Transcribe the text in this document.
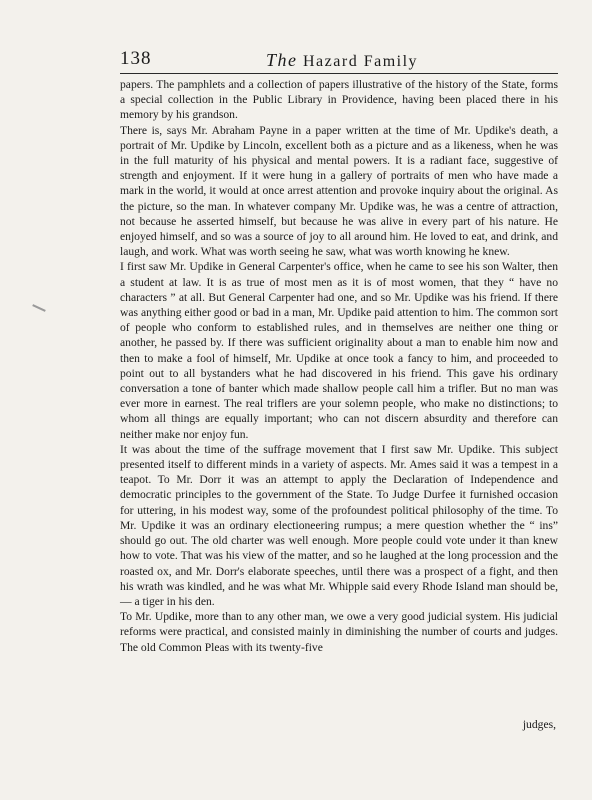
138	The Hazard Family

papers. The pamphlets and a collection of papers illustrative of the history of the State, forms a special collection in the Public Library in Providence, having been placed there in his memory by his grandson.

There is, says Mr. Abraham Payne in a paper written at the time of Mr. Updike's death, a portrait of Mr. Updike by Lincoln, excellent both as a picture and as a likeness, when he was in the full maturity of his physical and mental powers. It is a radiant face, suggestive of strength and enjoyment. If it were hung in a gallery of portraits of men who have made a mark in the world, it would at once arrest attention and provoke inquiry about the original. As the picture, so the man. In whatever company Mr. Updike was, he was a centre of attraction, not because he asserted himself, but because he was alive in every part of his nature. He enjoyed himself, and so was a source of joy to all around him. He loved to eat, and drink, and laugh, and work. What was worth seeing he saw, what was worth knowing he knew.

I first saw Mr. Updike in General Carpenter's office, when he came to see his son Walter, then a student at law. It is as true of most men as it is of most women, that they “ have no characters ” at all. But General Carpenter had one, and so Mr. Updike was his friend. If there was anything either good or bad in a man, Mr. Updike paid attention to him. The common sort of people who conform to established rules, and in themselves are neither one thing or another, he passed by. If there was sufficient originality about a man to enable him now and then to make a fool of himself, Mr. Updike at once took a fancy to him, and proceeded to point out to all bystanders what he had discovered in his friend. This gave his ordinary conversation a tone of banter which made shallow people call him a trifler. But no man was ever more in earnest. The real triflers are your solemn people, who make no distinctions; to whom all things are equally important; who can not discern absurdity and therefore can neither make nor enjoy fun.

It was about the time of the suffrage movement that I first saw Mr. Updike. This subject presented itself to different minds in a variety of aspects. Mr. Ames said it was a tempest in a teapot. To Mr. Dorr it was an attempt to apply the Declaration of Independence and democratic principles to the government of the State. To Judge Durfee it furnished occasion for uttering, in his modest way, some of the profoundest political philosophy of the time. To Mr. Updike it was an ordinary electioneering rumpus; a mere question whether the “ ins” should go out. The old charter was well enough. More people could vote under it than knew how to vote. That was his view of the matter, and so he laughed at the long procession and the roasted ox, and Mr. Dorr's elaborate speeches, until there was a prospect of a fight, and then his wrath was kindled, and he was what Mr. Whipple said every Rhode Island man should be, — a tiger in his den.

To Mr. Updike, more than to any other man, we owe a very good judicial system. His judicial reforms were practical, and consisted mainly in diminishing the number of courts and judges. The old Common Pleas with its twenty-five

judges,
